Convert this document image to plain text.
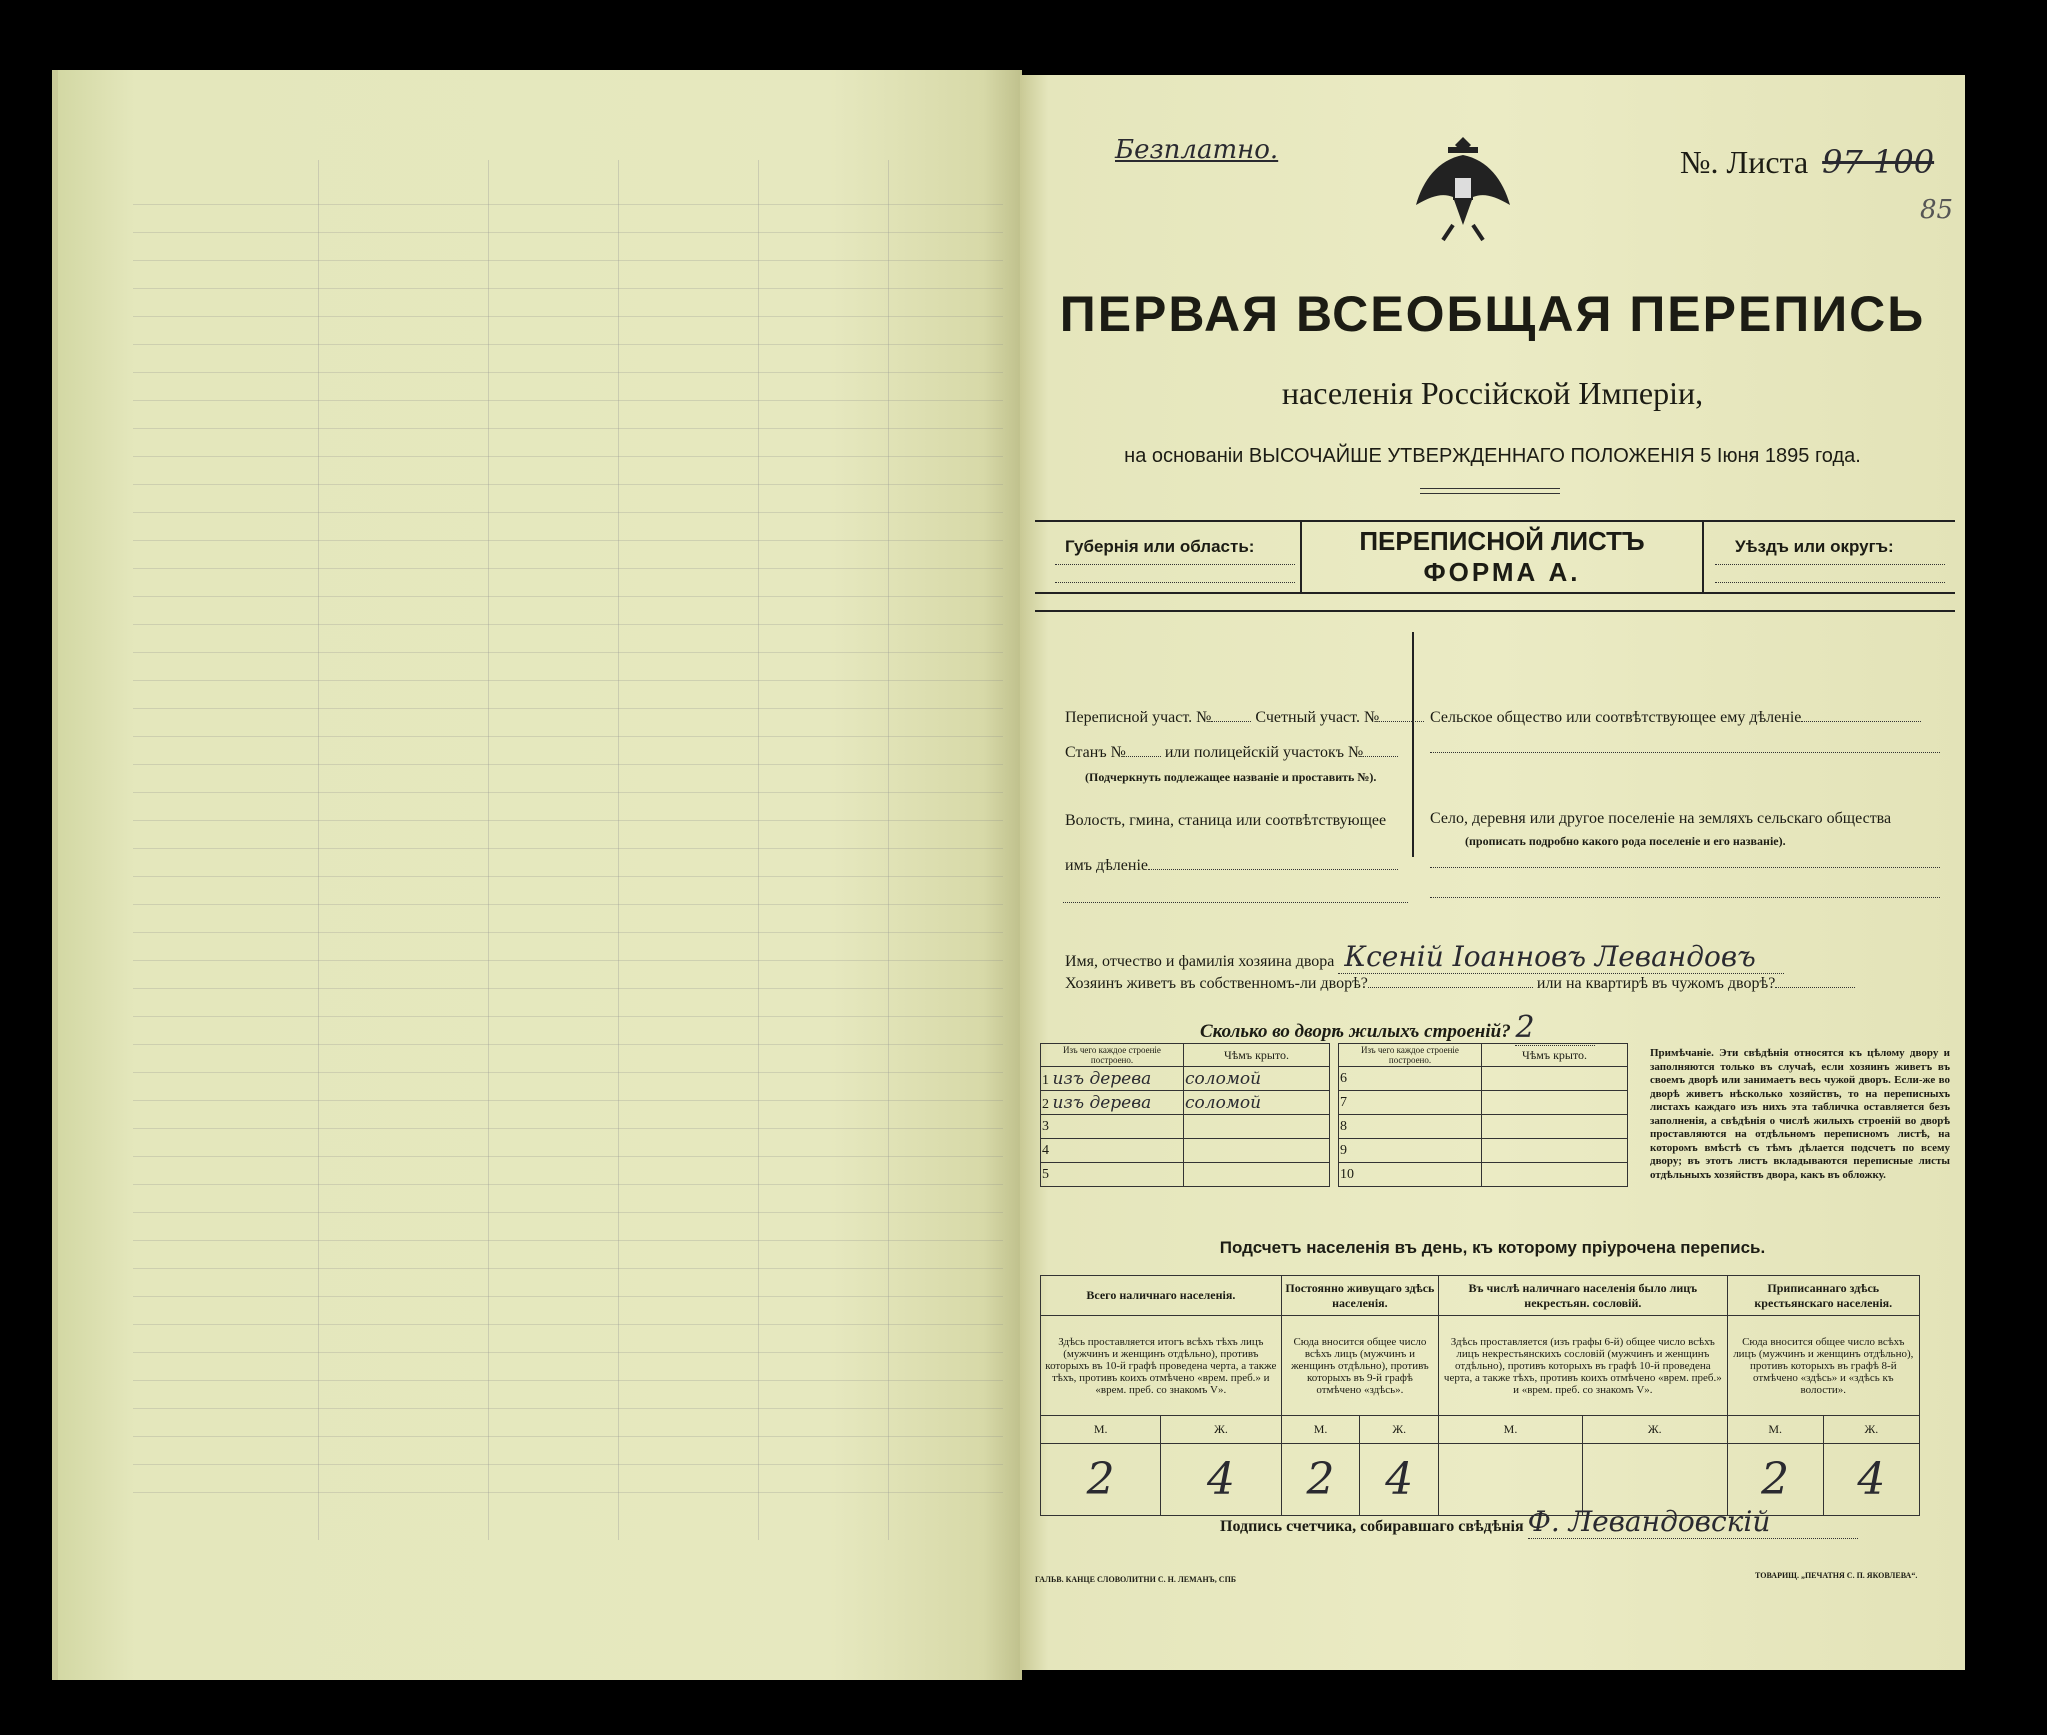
Безплатно.	№. Листа 97 100
85
ПЕРВАЯ ВСЕОБЩАЯ ПЕРЕПИСЬ
населенія Россійской Имперіи,
на основаніи ВЫСОЧАЙШЕ УТВЕРЖДЕННАГО ПОЛОЖЕНІЯ 5 Іюня 1895 года.
Губернія или область:	ПЕРЕПИСНОЙ ЛИСТЪ
ФОРМА А.
Уѣздъ или округъ:
Переписной участ. №	Счетный участ. №
Станъ № или полицейскій участокъ №
(Подчеркнуть подлежащее названіе и проставить №).
Волость, гмина, станица или соотвѣтствующее
имъ дѣленіе
Сельское общество или соотвѣтствующее ему дѣленіе
Село, деревня или другое поселеніе на земляхъ сельскаго общества
(прописать подробно какого рода поселеніе и его названіе).
Имя, отчество и фамилія хозяина двора Ксеній Іоанновъ Левандовъ
Хозяинъ живетъ въ собственномъ-ли дворѣ?	или на квартирѣ въ чужомъ дворѣ?
Сколько во дворѣ жилыхъ строеній? 2
Изъ чего каждое строеніе построено.	Чѣмъ крыто.
1 изъ дерева	соломой
2 изъ дерева	соломой
3	
4	
5	
Изъ чего каждое строеніе построено.	Чѣмъ крыто.
6	
7	
8	
9	
10	
Примѣчаніе. Эти свѣдѣнія относятся къ цѣлому двору и заполняются только въ случаѣ, если хозяинъ живетъ въ своемъ дворѣ или занимаетъ весь чужой дворъ. Если-же во дворѣ живетъ нѣсколько хозяйствъ, то на переписныхъ листахъ каждаго изъ нихъ эта табличка оставляется безъ заполненія, а свѣдѣнія о числѣ жилыхъ строеній во дворѣ проставляются на отдѣльномъ переписномъ листѣ, на которомъ вмѣстѣ съ тѣмъ дѣлается подсчетъ по всему двору; въ этотъ листъ вкладываются переписные листы отдѣльныхъ хозяйствъ двора, какъ въ обложку.
Подсчетъ населенія въ день, къ которому пріурочена перепись.
Всего наличнаго населенія.		Постоянно живущаго здѣсь населенія.		Въ числѣ наличнаго населенія было лицъ некрестьян. сословій.		Приписаннаго здѣсь крестьянскаго населенія.	
Здѣсь проставляется итогъ всѣхъ тѣхъ лицъ (мужчинъ и женщинъ отдѣльно), противъ которыхъ въ 10-й графѣ проведена черта, а также тѣхъ, противъ коихъ отмѣчено «врем. преб.» и «врем. преб. со знакомъ V».		Сюда вносится общее число всѣхъ лицъ (мужчинъ и женщинъ отдѣльно), противъ которыхъ въ 9-й графѣ отмѣчено «здѣсь».		Здѣсь проставляется (изъ графы 6-й) общее число всѣхъ лицъ некрестьянскихъ сословій (мужчинъ и женщинъ отдѣльно), противъ которыхъ въ графѣ 10-й проведена черта, а также тѣхъ, противъ коихъ отмѣчено «врем. преб.» и «врем. преб. со знакомъ V».		Сюда вносится общее число всѣхъ лицъ (мужчинъ и женщинъ отдѣльно), противъ которыхъ въ графѣ 8-й отмѣчено «здѣсь» и «здѣсь къ волости».	
М.	Ж.	М.	Ж.	М.	Ж.	М.	Ж.
2	4	2	4			2	4
Подпись счетчика, собиравшаго свѣдѣнія Ф. Левандовскій
ГАЛЬВ. КАНЦЕ СЛОВОЛИТНИ С. Н. ЛЕМАНЪ, СПБ	ТОВАРИЩ. „ПЕЧАТНЯ С. П. ЯКОВЛЕВА“.
